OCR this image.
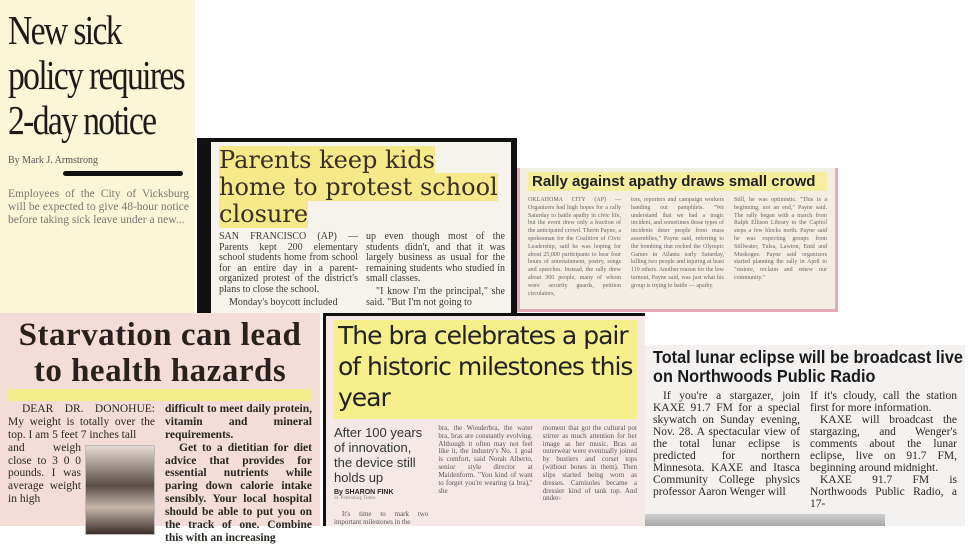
New sick policy requires 2-day notice
By Mark J. Armstrong
Employees of the City of Vicksburg will be expected to give 48-hour notice before taking sick leave under a new...
Parents keep kids home to protest school closure
SAN FRANCISCO (AP) — Parents kept 200 elementary school students home from school for an entire day in a parent-organized protest of the district's plans to close the school.
Monday's boycott included
up even though most of the students didn't, and that it was largely business as usual for the remaining students who studied in small classes.
"I know I'm the principal," she said. "But I'm not going to
Rally against apathy draws small crowd
OKLAHOMA CITY (AP) — Organizers had high hopes for a rally Saturday to battle apathy in civic life, but the event drew only a fraction of the anticipated crowd. Therin Payne, a spokesman for the Coalition of Civic Leadership, said he was hoping for about 25,000 participants to hear four hours of entertainment, poetry, songs and speeches. Instead, the rally drew about 300 people, many of whom were security guards, petition circulators,
tors, reporters and campaign workers handing out pamphlets. "We understand that we had a tragic incident, and sometimes those types of incidents deter people from mass assemblies," Payne said, referring to the bombing that rocked the Olympic Games in Atlanta early Saturday, killing two people and injuring at least 110 others. Another reason for the low turnout, Payne said, was just what his group is trying to battle — apathy.
Still, he was optimistic. "This is a beginning, not an end," Payne said. The rally began with a march from Ralph Ellison Library to the Capitol steps a few blocks north. Payne said he was expecting groups from Stillwater, Tulsa, Lawton, Enid and Muskogee. Payne said organizers started planning the rally in April to "restore, reclaim and renew our community."
Starvation can lead to health hazards
DEAR DR. DONOHUE: My weight is totally over the top. I am 5 feet 7 inches tall
and weigh close to 3 0 0 pounds. I was average weight in high
difficult to meet daily protein, vitamin and mineral requirements.
Get to a dietitian for diet advice that provides for essential nutrients while paring down calorie intake sensibly. Your local hospital should be able to put you on the track of one. Combine this with an increasing
The bra celebrates a pair of historic milestones this year
After 100 years of innovation, the device still holds up
By SHARON FINK
St. Petersburg Times
It's time to mark two important milestones in the
bra, the Wonderbra, the water bra, bras are constantly evolving. Although it often may not feel like it, the industry's No. 1 goal is comfort, said Norah Alberto, senior style director at Maidenform. "You kind of want to forget you're wearing (a bra)," she
moment that got the cultural pot stirrer as much attention for her image as her music. Bras as outerwear were eventually joined by bustiers and corset tops (without bones in them). Then slips started being worn as dresses. Camisoles became a dressier kind of tank top. And under-
Total lunar eclipse will be broadcast live on Northwoods Public Radio
If you're a stargazer, join KAXE 91.7 FM for a special skywatch on Sunday evening, Nov. 28. A spectacular view of the total lunar eclipse is predicted for northern Minnesota. KAXE and Itasca Community College physics professor Aaron Wenger will
If it's cloudy, call the station first for more information.
KAXE will broadcast the stargazing, and Wenger's comments about the lunar eclipse, live on 91.7 FM, beginning around midnight.
KAXE 91.7 FM is Northwoods Public Radio, a 17-
